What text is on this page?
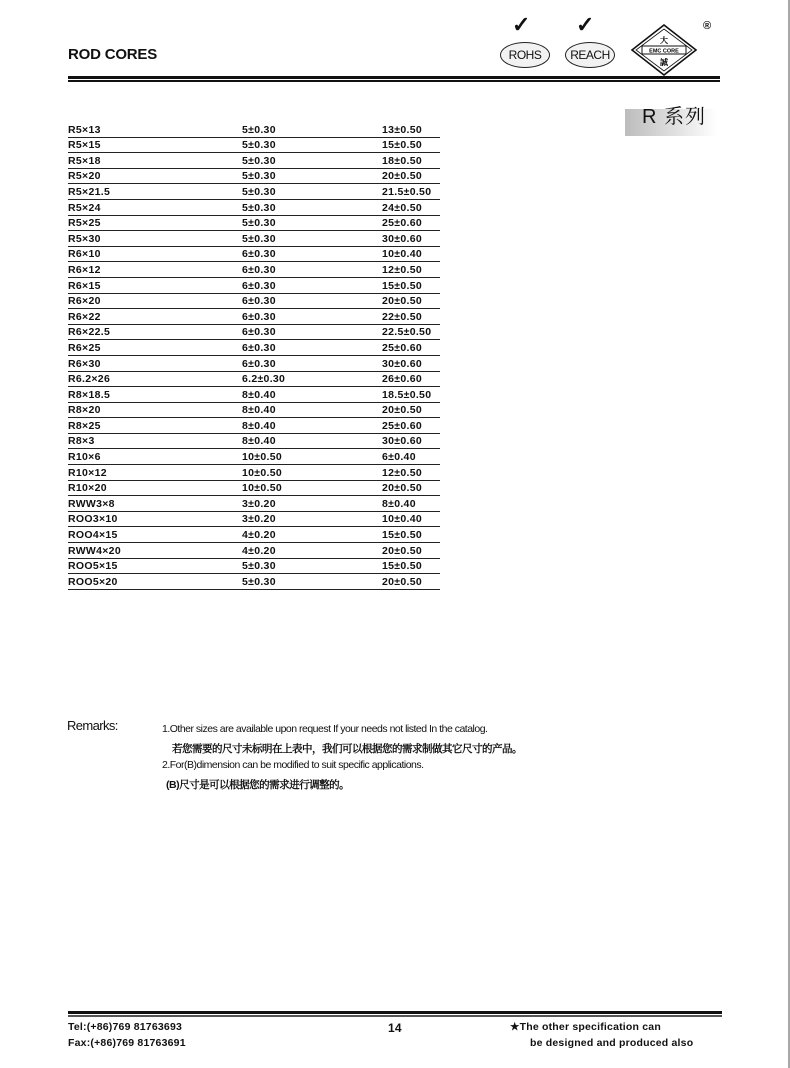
ROD CORES
✓
ROHS
✓
REACH	EMC CORE
大
誠
®
R 系列
R5×13	5±0.30	13±0.50
R5×15	5±0.30	15±0.50
R5×18	5±0.30	18±0.50
R5×20	5±0.30	20±0.50
R5×21.5	5±0.30	21.5±0.50
R5×24	5±0.30	24±0.50
R5×25	5±0.30	25±0.60
R5×30	5±0.30	30±0.60
R6×10	6±0.30	10±0.40
R6×12	6±0.30	12±0.50
R6×15	6±0.30	15±0.50
R6×20	6±0.30	20±0.50
R6×22	6±0.30	22±0.50
R6×22.5	6±0.30	22.5±0.50
R6×25	6±0.30	25±0.60
R6×30	6±0.30	30±0.60
R6.2×26	6.2±0.30	26±0.60
R8×18.5	8±0.40	18.5±0.50
R8×20	8±0.40	20±0.50
R8×25	8±0.40	25±0.60
R8×3	8±0.40	30±0.60
R10×6	10±0.50	6±0.40
R10×12	10±0.50	12±0.50
R10×20	10±0.50	20±0.50
RWW3×8	3±0.20	8±0.40
ROO3×10	3±0.20	10±0.40
ROO4×15	4±0.20	15±0.50
RWW4×20	4±0.20	20±0.50
ROO5×15	5±0.30	15±0.50
ROO5×20	5±0.30	20±0.50
Remarks:	1.Other sizes are available upon request If your needs not listed In the catalog.
若您需要的尺寸未标明在上表中，我们可以根据您的需求制做其它尺寸的产品。
2.For(B)dimension can be modified to suit specific applications.
(B)尺寸是可以根据您的需求进行调整的。
Tel:(+86)769 81763693
Fax:(+86)769 81763691
14	★The other specification can
be designed and produced also
